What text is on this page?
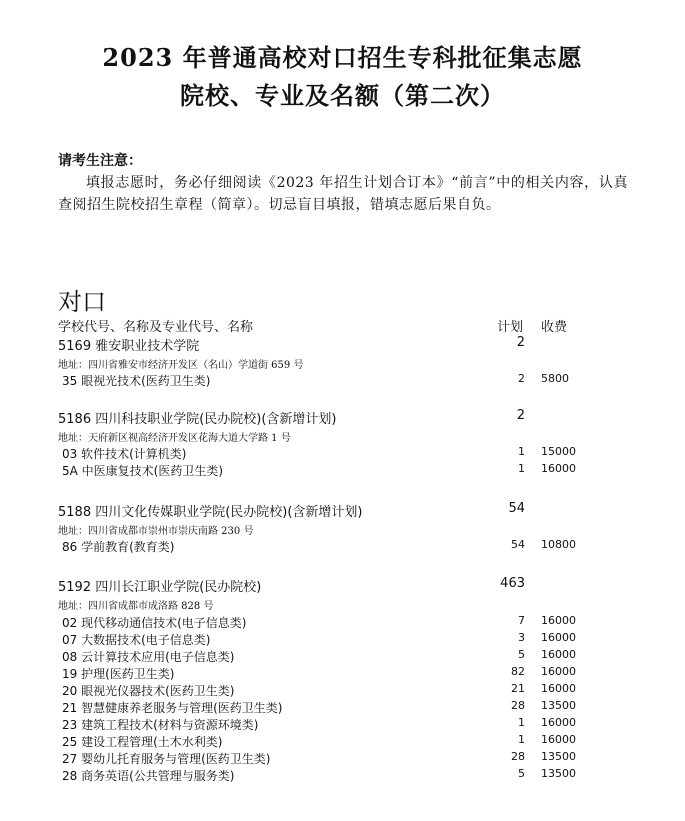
2023 年普通高校对口招生专科批征集志愿
院校、专业及名额（第二次）
请考生注意：
填报志愿时，务必仔细阅读《2023 年招生计划合订本》“前言”中的相关内容，认真查阅招生院校招生章程（简章）。切忌盲目填报，错填志愿后果自负。
对口
学校代号、名称及专业代号、名称	计划 收费
5169 雅安职业技术学院	2
地址：四川省雅安市经济开发区（名山）学道街 659 号
35 眼视光技术(医药卫生类)	2 5800
5186 四川科技职业学院(民办院校)(含新增计划)	2
地址：天府新区视高经济开发区花海大道大学路 1 号
03 软件技术(计算机类)	1 15000
5A 中医康复技术(医药卫生类)	1 16000
5188 四川文化传媒职业学院(民办院校)(含新增计划)	54
地址：四川省成都市崇州市崇庆南路 230 号
86 学前教育(教育类)	54 10800
5192 四川长江职业学院(民办院校)	463
地址：四川省成都市成洛路 828 号
02 现代移动通信技术(电子信息类)	7 16000
07 大数据技术(电子信息类)	3 16000
08 云计算技术应用(电子信息类)	5 16000
19 护理(医药卫生类)	82 16000
20 眼视光仪器技术(医药卫生类)	21 16000
21 智慧健康养老服务与管理(医药卫生类)	28 13500
23 建筑工程技术(材料与资源环境类)	1 16000
25 建设工程管理(土木水利类)	1 16000
27 婴幼儿托育服务与管理(医药卫生类)	28 13500
28 商务英语(公共管理与服务类)	5 13500
